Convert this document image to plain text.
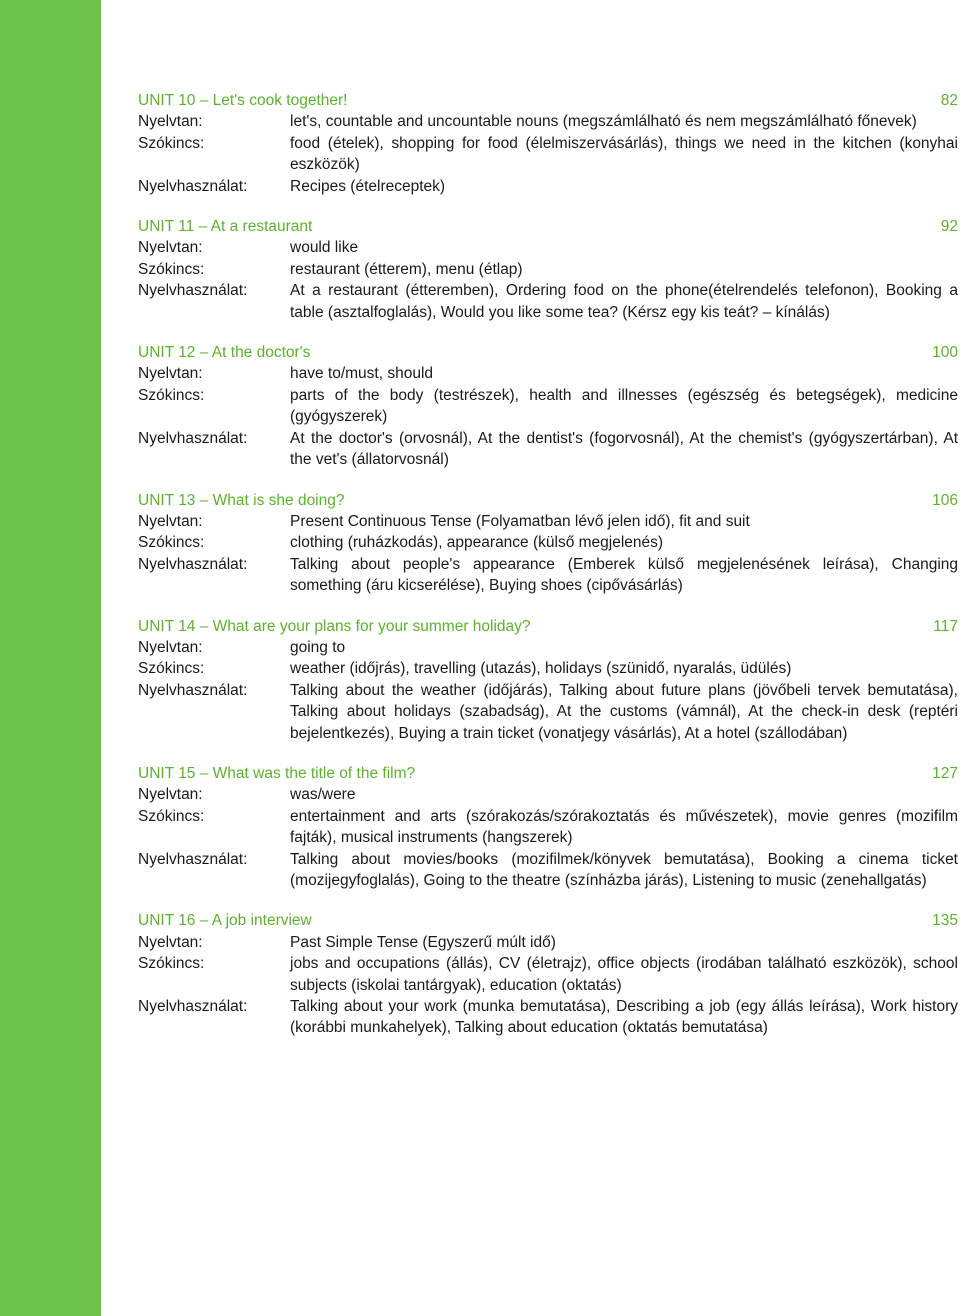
UNIT 10 – Let's cook together!	82
Nyelvtan:	let's, countable and uncountable nouns (megszámlálható és nem megszámlálható főnevek)
Szókincs:	food (ételek), shopping for food (élelmiszervásárlás), things we need in the kitchen (konyhai eszközök)
Nyelvhasználat:	Recipes (ételreceptek)
UNIT 11 – At a restaurant	92
Nyelvtan:	would like
Szókincs:	restaurant (étterem), menu (étlap)
Nyelvhasználat:	At a restaurant (étteremben), Ordering food on the phone(ételrendelés telefonon), Booking a table (asztalfoglalás), Would you like some tea? (Kérsz egy kis teát? – kínálás)
UNIT 12 – At the doctor's	100
Nyelvtan:	have to/must, should
Szókincs:	parts of the body (testrészek), health and illnesses (egészség és betegségek), medicine (gyógyszerek)
Nyelvhasználat:	At the doctor's (orvosnál), At the dentist's (fogorvosnál), At the chemist's (gyógyszertárban), At the vet's (állatorvosnál)
UNIT 13 – What is she doing?	106
Nyelvtan:	Present Continuous Tense (Folyamatban lévő jelen idő), fit and suit
Szókincs:	clothing (ruházkodás), appearance (külső megjelenés)
Nyelvhasználat:	Talking about people's appearance (Emberek külső megjelenésének leírása), Changing something (áru kicserélése), Buying shoes (cipővásárlás)
UNIT 14 – What are your plans for your summer holiday?	117
Nyelvtan:	going to
Szókincs:	weather (időjrás), travelling (utazás), holidays (szünidő, nyaralás, üdülés)
Nyelvhasználat:	Talking about the weather (időjárás), Talking about future plans (jövőbeli tervek bemutatása), Talking about holidays (szabadság), At the customs (vámnál), At the check-in desk (reptéri bejelentkezés), Buying a train ticket (vonatjegy vásárlás), At a hotel (szállodában)
UNIT 15 – What was the title of the film?	127
Nyelvtan:	was/were
Szókincs:	entertainment and arts (szórakozás/szórakoztatás és művészetek), movie genres (mozifilm fajták), musical instruments (hangszerek)
Nyelvhasználat:	Talking about movies/books (mozifilmek/könyvek bemutatása), Booking a cinema ticket (mozijegyfoglalás), Going to the theatre (színházba járás), Listening to music (zenehallgatás)
UNIT 16 – A job interview	135
Nyelvtan:	Past Simple Tense (Egyszerű múlt idő)
Szókincs:	jobs and occupations (állás), CV (életrajz), office objects (irodában található eszközök), school subjects (iskolai tantárgyak), education (oktatás)
Nyelvhasználat:	Talking about your work (munka bemutatása), Describing a job (egy állás leírása), Work history (korábbi munkahelyek), Talking about education (oktatás bemutatása)
